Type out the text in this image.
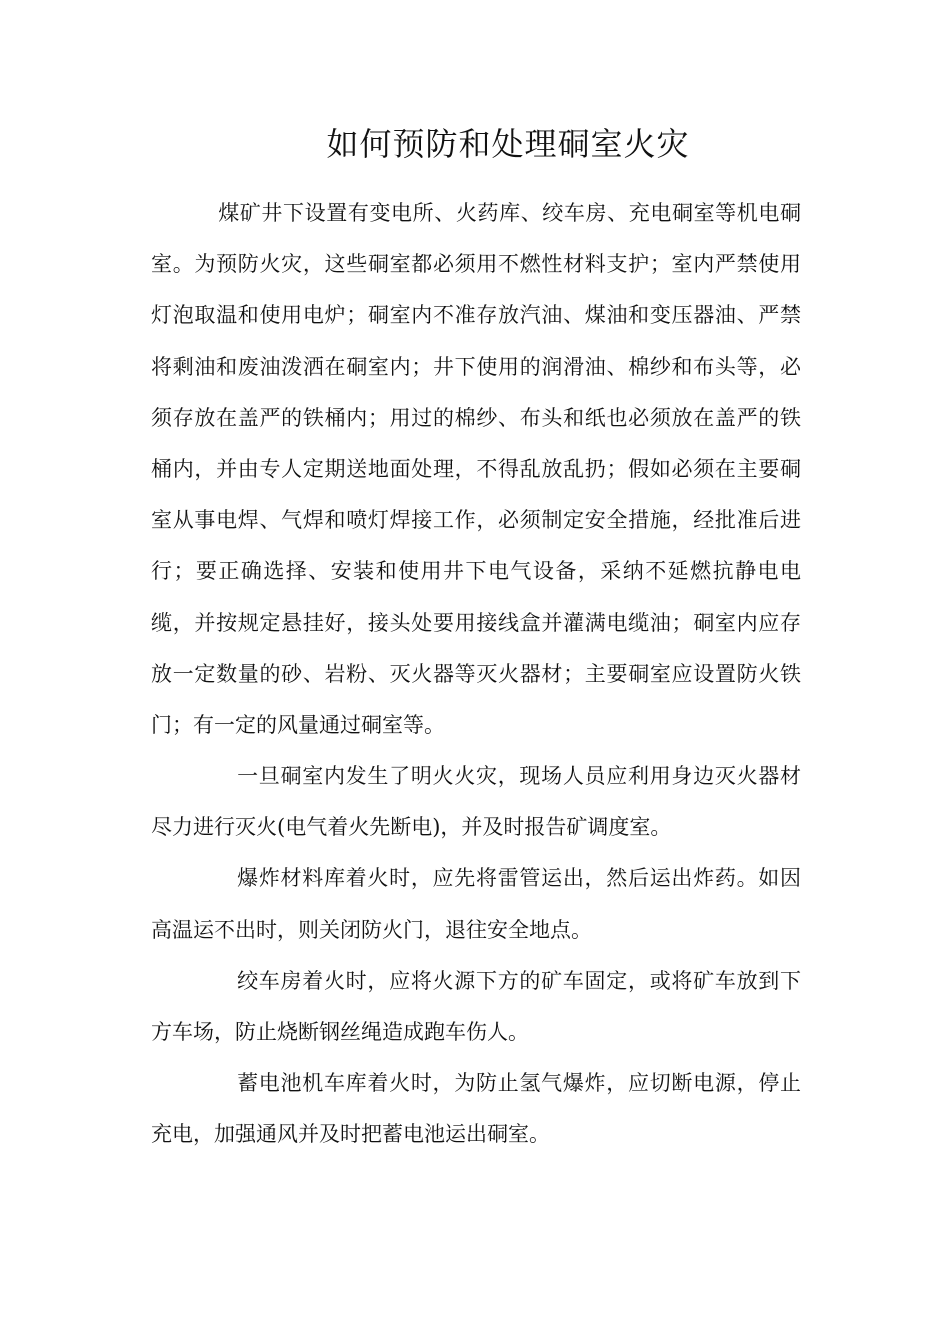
如何预防和处理硐室火灾

煤矿井下设置有变电所、火药库、绞车房、充电硐室等机电硐室。为预防火灾，这些硐室都必须用不燃性材料支护；室内严禁使用灯泡取温和使用电炉；硐室内不准存放汽油、煤油和变压器油、严禁将剩油和废油泼洒在硐室内；井下使用的润滑油、棉纱和布头等，必须存放在盖严的铁桶内；用过的棉纱、布头和纸也必须放在盖严的铁桶内，并由专人定期送地面处理，不得乱放乱扔；假如必须在主要硐室从事电焊、气焊和喷灯焊接工作，必须制定安全措施，经批准后进行；要正确选择、安装和使用井下电气设备，采纳不延燃抗静电电缆，并按规定悬挂好，接头处要用接线盒并灌满电缆油；硐室内应存放一定数量的砂、岩粉、灭火器等灭火器材；主要硐室应设置防火铁门；有一定的风量通过硐室等。

一旦硐室内发生了明火火灾，现场人员应利用身边灭火器材尽力进行灭火(电气着火先断电)，并及时报告矿调度室。

爆炸材料库着火时，应先将雷管运出，然后运出炸药。如因高温运不出时，则关闭防火门，退往安全地点。

绞车房着火时，应将火源下方的矿车固定，或将矿车放到下方车场，防止烧断钢丝绳造成跑车伤人。

蓄电池机车库着火时，为防止氢气爆炸，应切断电源，停止充电，加强通风并及时把蓄电池运出硐室。
